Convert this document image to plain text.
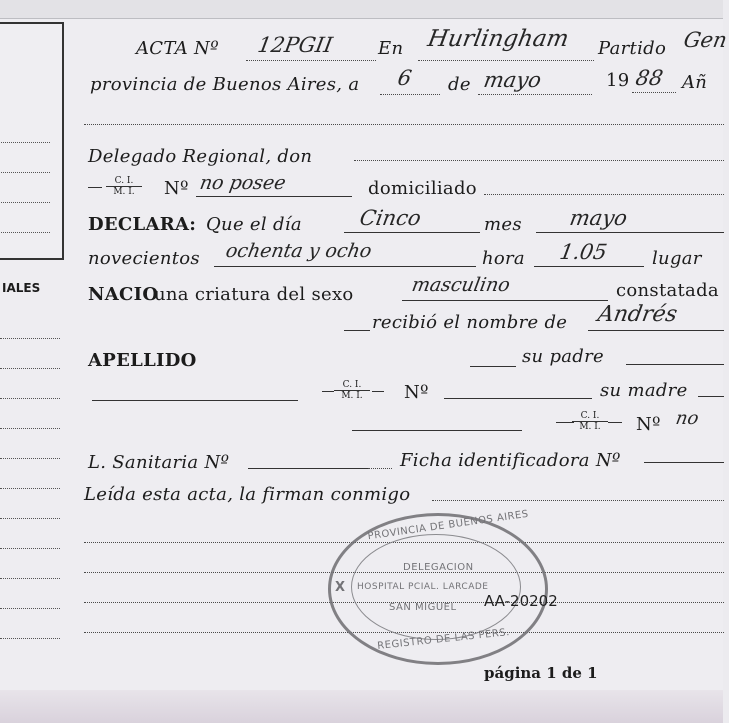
IALES
ACTA Nº 12PGII En Hurlingham Partido Gen
provincia de Buenos Aires, a 6 de mayo	19 88 Añ
Delegado Regional, don
$\frac{C. I.}{M. I.}$ Nº no posee	domiciliado
DECLARA: Que el día	Cinco	mes mayo
novecientos ochenta y ocho	hora 1.05 lugar
NACIO
una criatura del sexo	masculino	constatada
recibió el nombre de Andrés
APELLIDO	su padre
$\frac{C. I.}{M. I.}$ Nº	su madre
$\frac{C. I.}{M. I.}$ Nº no
L. Sanitaria Nº	Ficha identificadora Nº
Leída esta acta, la firman conmigo
PROVINCIA DE BUENOS AIRES
DELEGACION
HOSPITAL PCIAL. LARCADE
SAN MIGUEL
REGISTRO DE LAS PERS.
X
AA-20202
página 1 de 1
